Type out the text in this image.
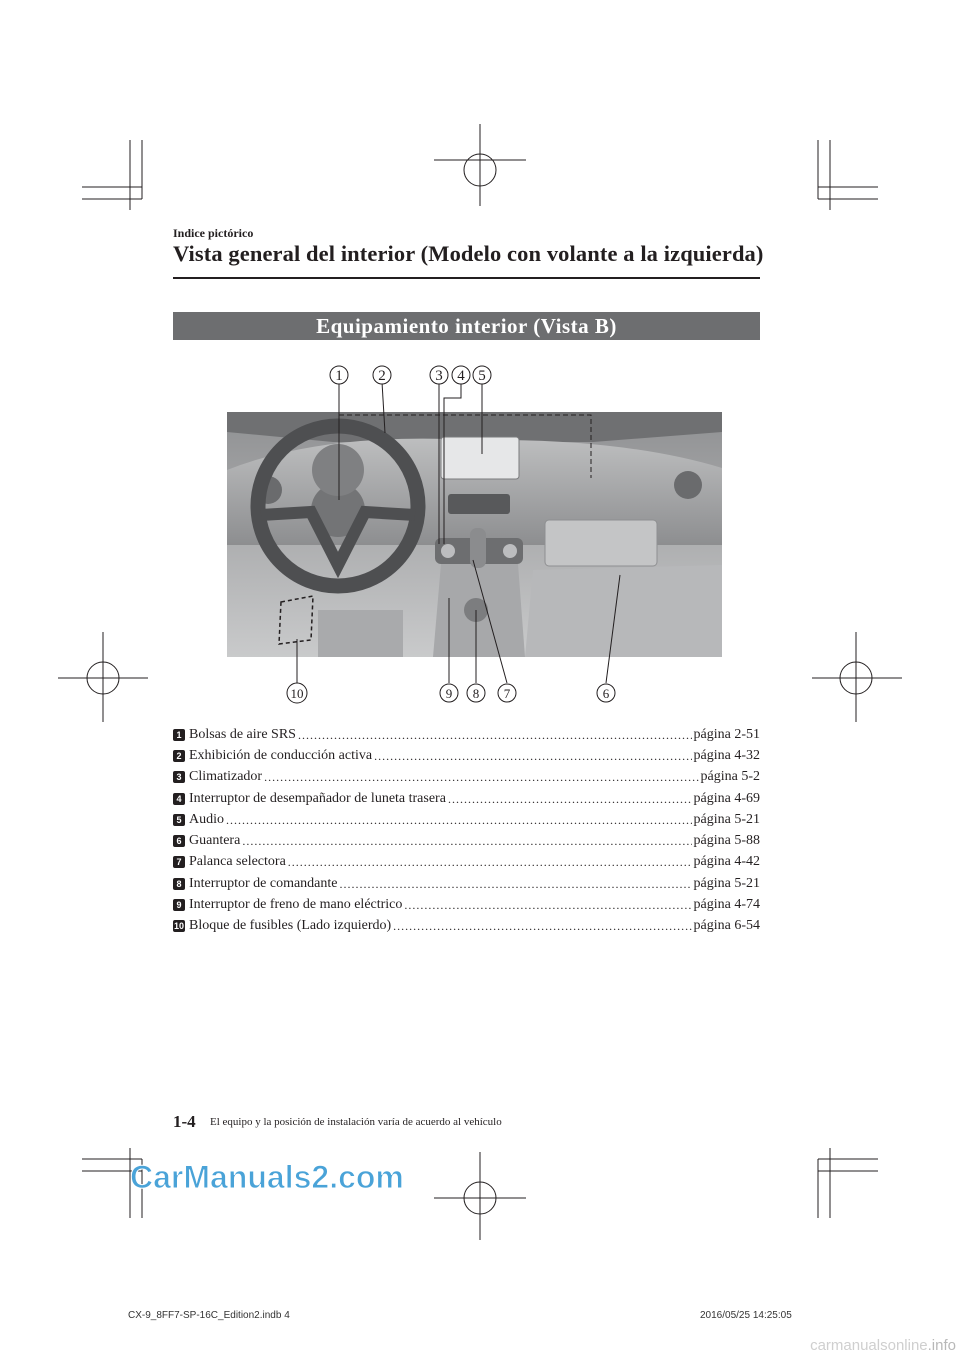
Indice pictórico
Vista general del interior (Modelo con volante a la izquierda)
Equipamiento interior (Vista B)
1 2	3 4 5
10	9 8 7	6
1 Bolsas de aire SRS .....	página 2-51
2 Exhibición de conducción activa .....	página 4-32
3 Climatizador .....	página 5-2
4 Interruptor de desempañador de luneta trasera .....	página 4-69
5 Audio .....	página 5-21
6 Guantera .....	página 5-88
7 Palanca selectora .....	página 4-42
8 Interruptor de comandante .....	página 5-21
9 Interruptor de freno de mano eléctrico .....	página 4-74
10 Bloque de fusibles (Lado izquierdo) .....	página 6-54
1-4 El equipo y la posición de instalación varía de acuerdo al vehículo
CarManuals2.com
CX-9_8FF7-SP-16C_Edition2.indb 4	2016/05/25 14:25:05
carmanualsonline.info
